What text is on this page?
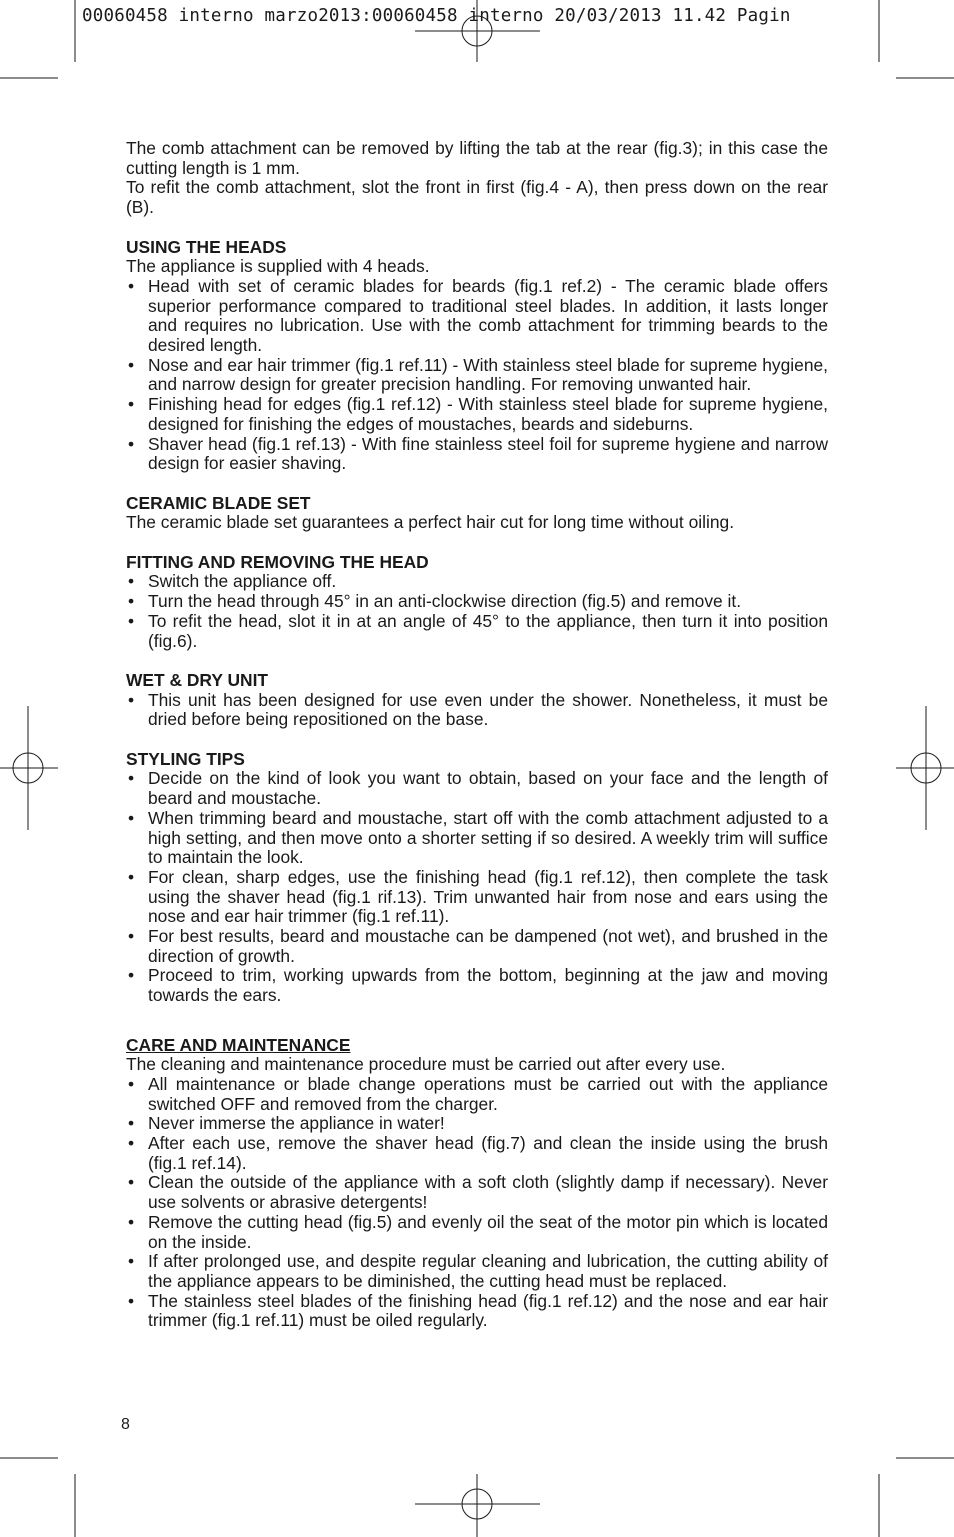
00060458 interno marzo2013:00060458 interno 20/03/2013 11.42 Pagin

The comb attachment can be removed by lifting the tab at the rear (fig.3); in this case the cutting length is 1 mm.

To refit the comb attachment, slot the front in first (fig.4 - A), then press down on the rear (B).

USING THE HEADS

The appliance is supplied with 4 heads.

• Head with set of ceramic blades for beards (fig.1 ref.2) - The ceramic blade offers superior performance compared to traditional steel blades. In addition, it lasts longer and requires no lubrication. Use with the comb attachment for trimming beards to the desired length.
• Nose and ear hair trimmer (fig.1 ref.11) - With stainless steel blade for supreme hygiene, and narrow design for greater precision handling. For removing unwanted hair.
• Finishing head for edges (fig.1 ref.12) - With stainless steel blade for supreme hygiene, designed for finishing the edges of moustaches, beards and sideburns.
• Shaver head (fig.1 ref.13) - With fine stainless steel foil for supreme hygiene and narrow design for easier shaving.
CERAMIC BLADE SET

The ceramic blade set guarantees a perfect hair cut for long time without oiling.

FITTING AND REMOVING THE HEAD
• Switch the appliance off.
• Turn the head through 45° in an anti-clockwise direction (fig.5) and remove it.
• To refit the head, slot it in at an angle of 45° to the appliance, then turn it into position (fig.6).
WET & DRY UNIT
• This unit has been designed for use even under the shower. Nonetheless, it must be dried before being repositioned on the base.
STYLING TIPS
• Decide on the kind of look you want to obtain, based on your face and the length of beard and moustache.
• When trimming beard and moustache, start off with the comb attachment adjusted to a high setting, and then move onto a shorter setting if so desired. A weekly trim will suffice to maintain the look.
• For clean, sharp edges, use the finishing head (fig.1 ref.12), then complete the task using the shaver head (fig.1 rif.13). Trim unwanted hair from nose and ears using the nose and ear hair trimmer (fig.1 ref.11).
• For best results, beard and moustache can be dampened (not wet), and brushed in the direction of growth.
• Proceed to trim, working upwards from the bottom, beginning at the jaw and moving towards the ears.
CARE AND MAINTENANCE

The cleaning and maintenance procedure must be carried out after every use.

• All maintenance or blade change operations must be carried out with the appliance switched OFF and removed from the charger.
• Never immerse the appliance in water!
• After each use, remove the shaver head (fig.7) and clean the inside using the brush (fig.1 ref.14).
• Clean the outside of the appliance with a soft cloth (slightly damp if necessary). Never use solvents or abrasive detergents!
• Remove the cutting head (fig.5) and evenly oil the seat of the motor pin which is located on the inside.
• If after prolonged use, and despite regular cleaning and lubrication, the cutting ability of the appliance appears to be diminished, the cutting head must be replaced.
• The stainless steel blades of the finishing head (fig.1 ref.12) and the nose and ear hair trimmer (fig.1 ref.11) must be oiled regularly.
8
